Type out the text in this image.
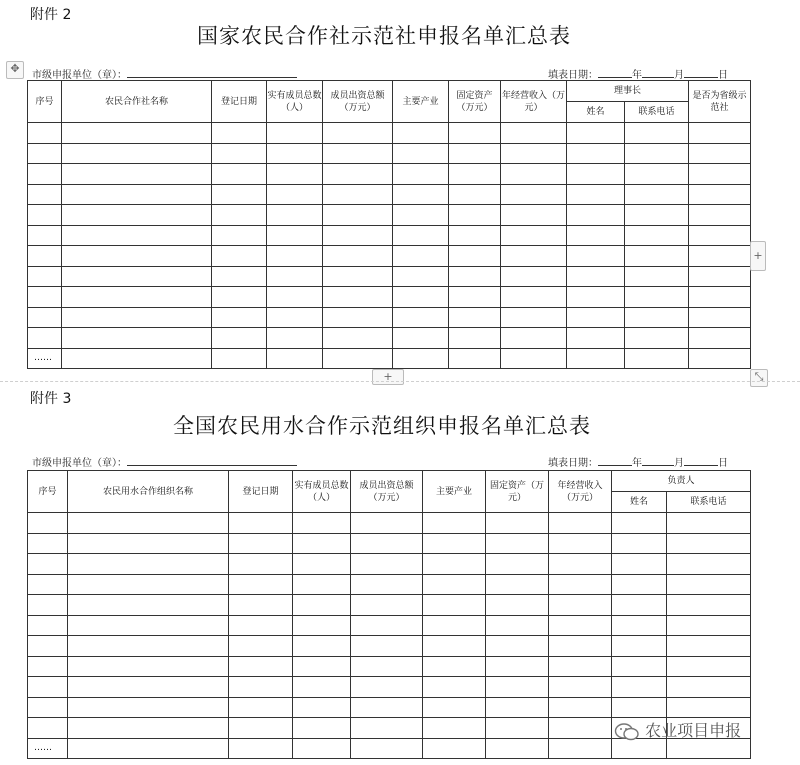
附件 2
国家农民合作社示范社申报名单汇总表
✥
市级申报单位（章）：	填表日期：	年	月	日
序号	农民合作社名称	登记日期	实有成员总数（人）	成员出资总额（万元）	主要产业	固定资产（万元）	年经营收入（万元）	理事长		是否为省级示范社
								姓名	联系电话	

……										
+
+	⤡
附件 3
全国农民用水合作示范组织申报名单汇总表
市级申报单位（章）：	填表日期：	年	月	日
序号	农民用水合作组织名称	登记日期	实有成员总数（人）	成员出资总额（万元）	主要产业	固定资产（万元）	年经营收入（万元）	负责人	
								姓名	联系电话

……									
农业项目申报
